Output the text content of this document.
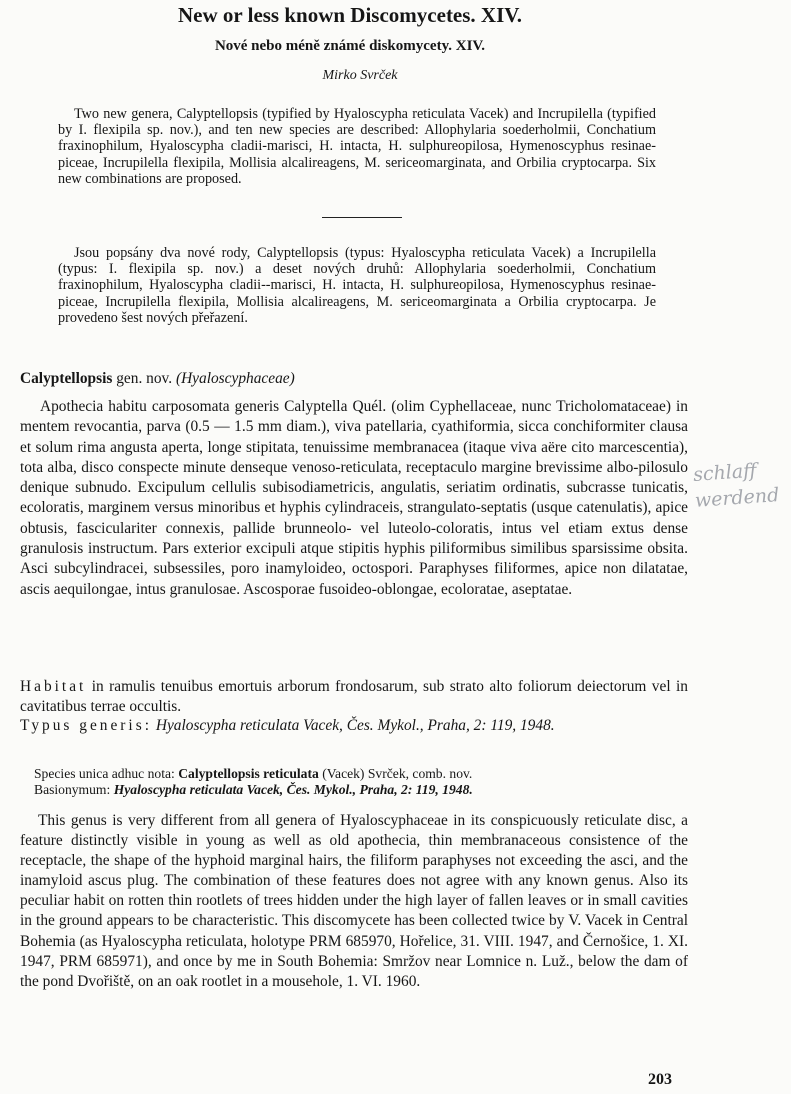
New or less known Discomycetes. XIV.
Nové nebo méně známé diskomycety. XIV.
Mirko Svrček
Two new genera, Calyptellopsis (typified by Hyaloscypha reticulata Vacek) and Incrupilella (typified by I. flexipila sp. nov.), and ten new species are described: Allophylaria soederholmii, Conchatium fraxinophilum, Hyaloscypha cladii-marisci, H. intacta, H. sulphureopilosa, Hymenoscyphus resinae-piceae, Incrupilella flexipila, Mollisia alcalireagens, M. sericeomarginata, and Orbilia cryptocarpa. Six new combinations are proposed.
Jsou popsány dva nové rody, Calyptellopsis (typus: Hyaloscypha reticulata Vacek) a Incrupilella (typus: I. flexipila sp. nov.) a deset nových druhů: Allophylaria soederholmii, Conchatium fraxinophilum, Hyaloscypha cladii--marisci, H. intacta, H. sulphureopilosa, Hymenoscyphus resinae-piceae, Incrupilella flexipila, Mollisia alcalireagens, M. sericeomarginata a Orbilia cryptocarpa. Je provedeno šest nových přeřazení.
Calyptellopsis gen. nov. (Hyaloscyphaceae)
Apothecia habitu carposomata generis Calyptella Quél. (olim Cyphellaceae, nunc Tricholomataceae) in mentem revocantia, parva (0.5 — 1.5 mm diam.), viva patellaria, cyathiformia, sicca conchiformiter clausa et solum rima angusta aperta, longe stipitata, tenuissime membranacea (itaque viva aëre cito marcescentia), tota alba, disco conspecte minute denseque venoso-reticulata, receptaculo margine brevissime albo-pilosulo denique subnudo. Excipulum cellulis subisodiametricis, angulatis, seriatim ordinatis, subcrasse tunicatis, ecoloratis, marginem versus minoribus et hyphis cylindraceis, strangulato-septatis (usque catenulatis), apice obtusis, fasciculariter connexis, pallide brunneolo- vel luteolo-coloratis, intus vel etiam extus dense granulosis instructum. Pars exterior excipuli atque stipitis hyphis piliformibus similibus sparsissime obsita. Asci subcylindracei, subsessiles, poro inamyloideo, octospori. Paraphyses filiformes, apice non dilatatae, ascis aequilongae, intus granulosae. Ascosporae fusoideo-oblongae, ecoloratae, aseptatae.
Habitat in ramulis tenuibus emortuis arborum frondosarum, sub strato alto foliorum deiectorum vel in cavitatibus terrae occultis.
Typus generis: Hyaloscypha reticulata Vacek, Čes. Mykol., Praha, 2: 119, 1948.
Species unica adhuc nota: Calyptellopsis reticulata (Vacek) Svrček, comb. nov.
Basionymum: Hyaloscypha reticulata Vacek, Čes. Mykol., Praha, 2: 119, 1948.
This genus is very different from all genera of Hyaloscyphaceae in its conspicuously reticulate disc, a feature distinctly visible in young as well as old apothecia, thin membranaceous consistence of the receptacle, the shape of the hyphoid marginal hairs, the filiform paraphyses not exceeding the asci, and the inamyloid ascus plug. The combination of these features does not agree with any known genus. Also its peculiar habit on rotten thin rootlets of trees hidden under the high layer of fallen leaves or in small cavities in the ground appears to be characteristic. This discomycete has been collected twice by V. Vacek in Central Bohemia (as Hyaloscypha reticulata, holotype PRM 685970, Hořelice, 31. VIII. 1947, and Černošice, 1. XI. 1947, PRM 685971), and once by me in South Bohemia: Smržov near Lomnice n. Luž., below the dam of the pond Dvořiště, on an oak rootlet in a mousehole, 1. VI. 1960.
schlaff
werdend
203
